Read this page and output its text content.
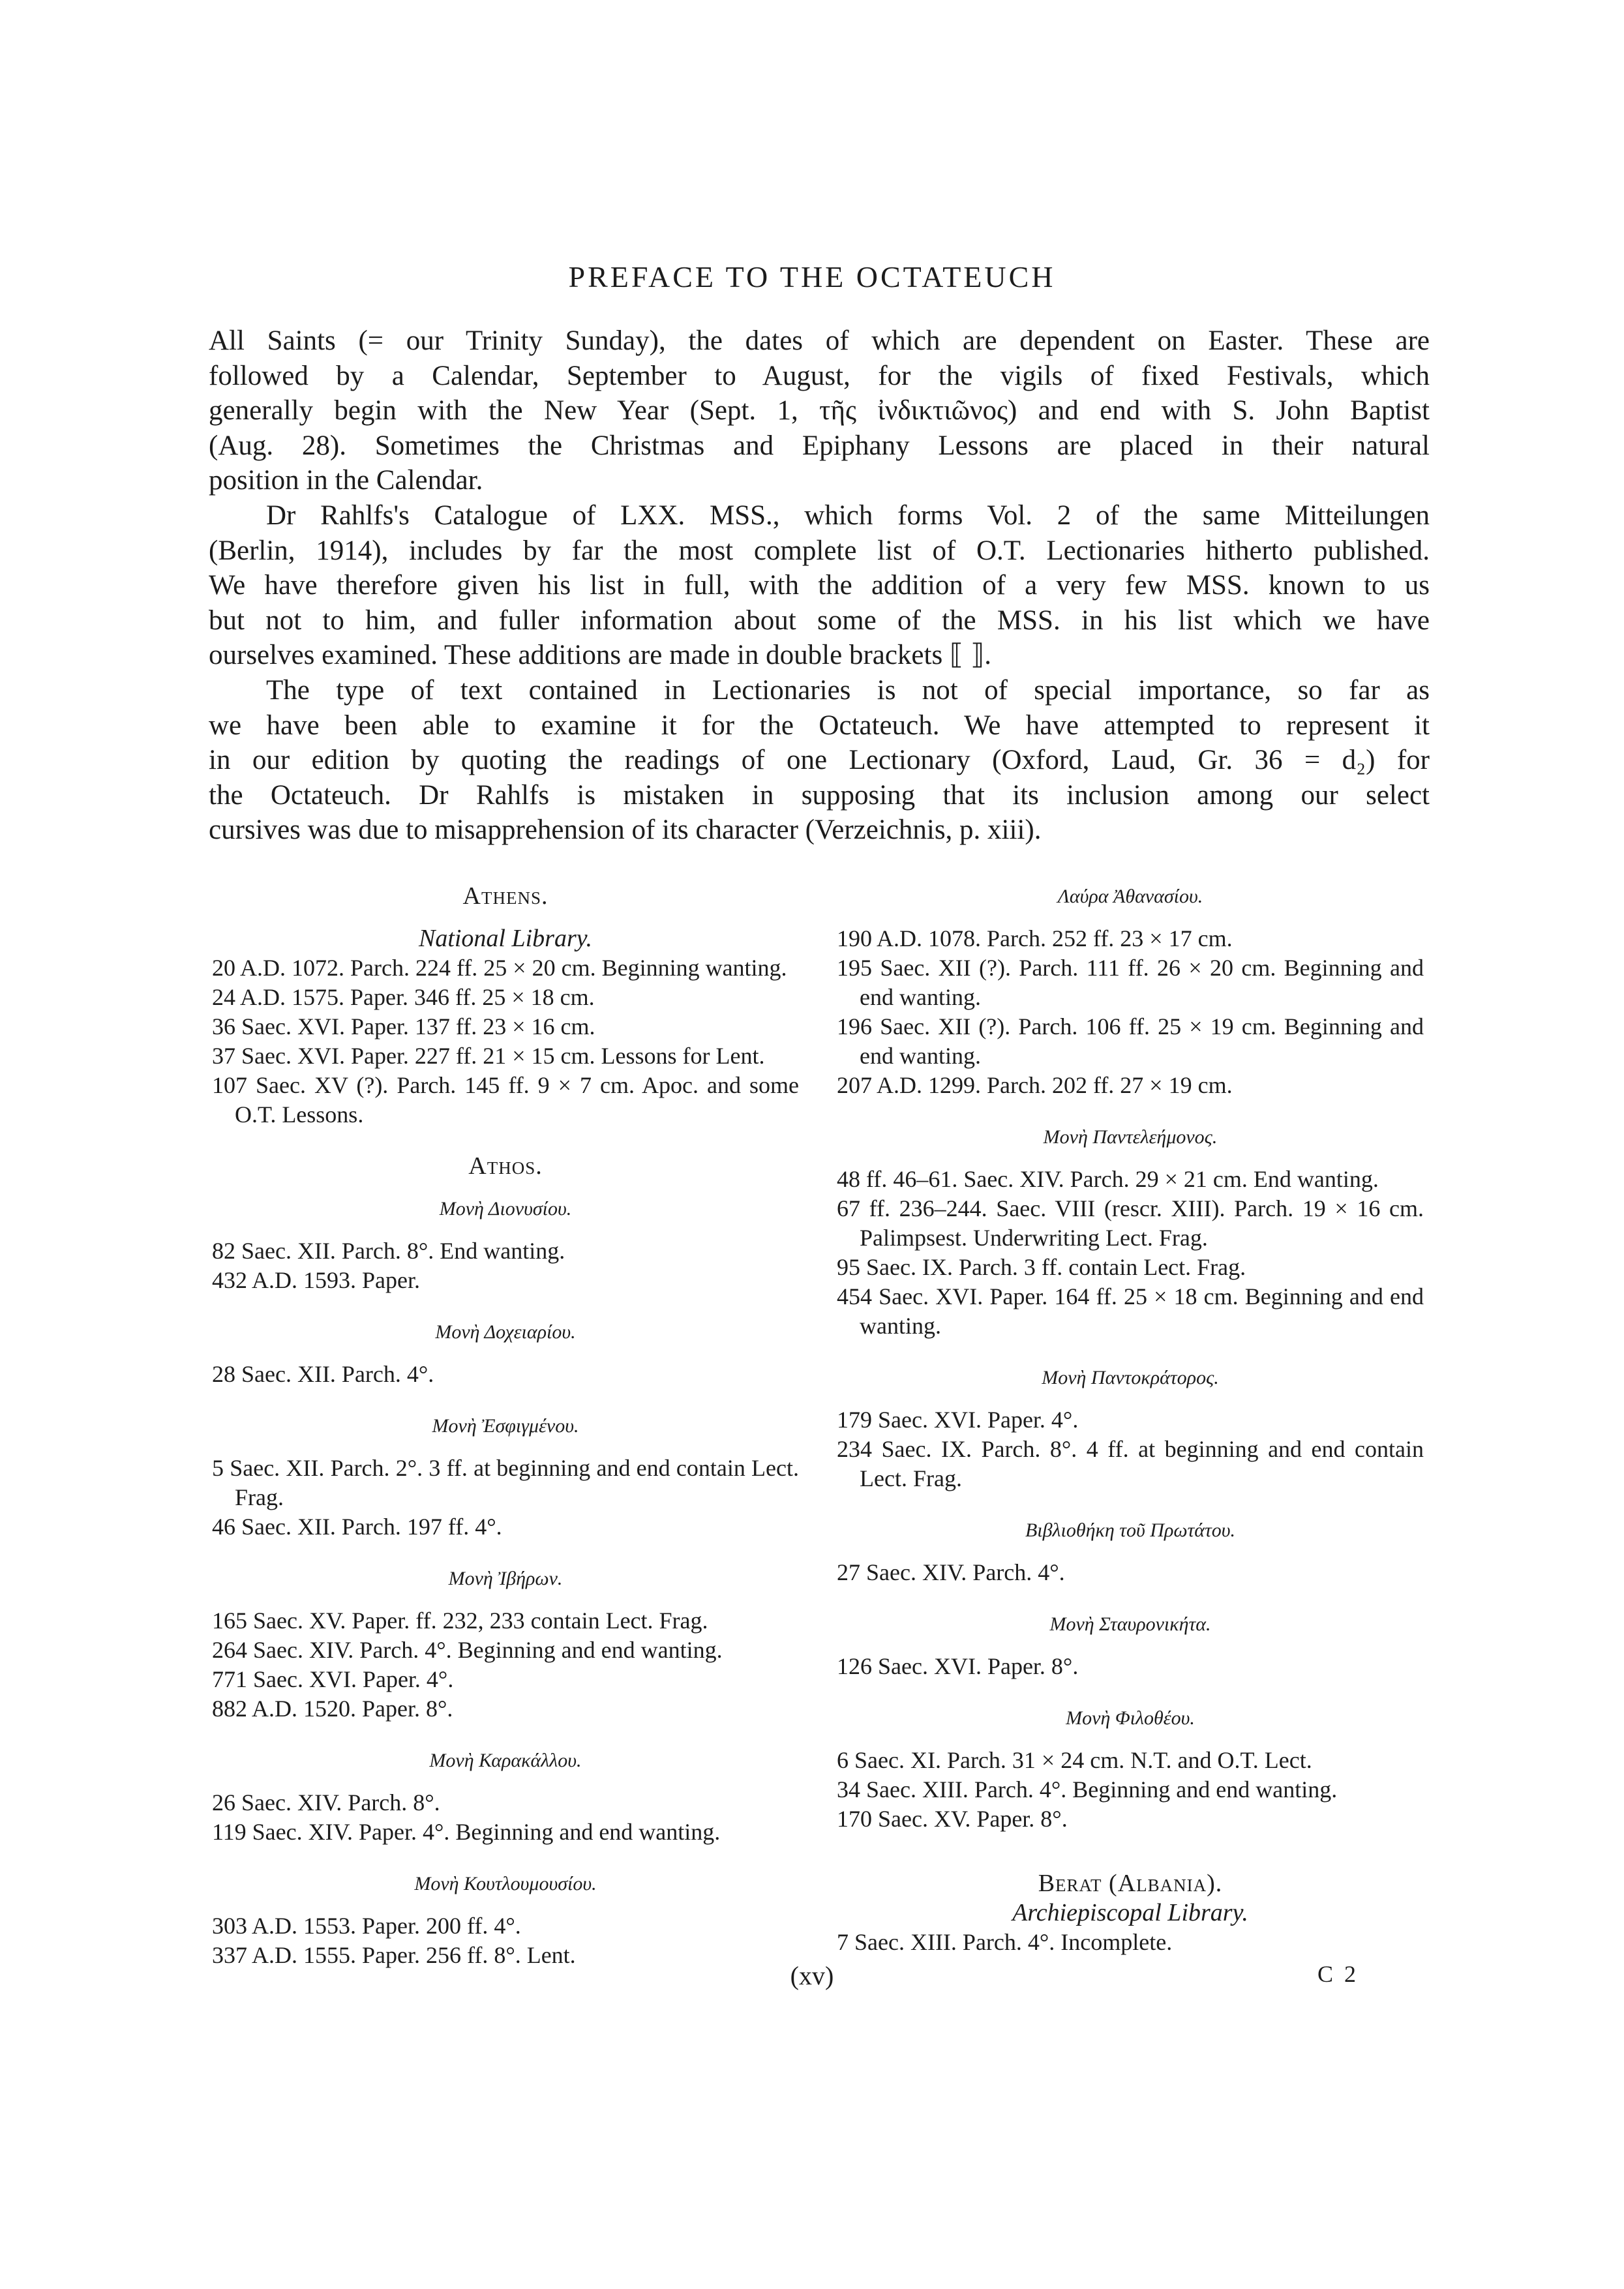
PREFACE TO THE OCTATEUCH

All Saints (= our Trinity Sunday), the dates of which are dependent on Easter. These are
followed by a Calendar, September to August, for the vigils of fixed Festivals, which
generally begin with the New Year (Sept. 1, τῆς ἰνδικτιῶνος) and end with S. John Baptist
(Aug. 28). Sometimes the Christmas and Epiphany Lessons are placed in their natural
position in the Calendar.

Dr Rahlfs's Catalogue of LXX. MSS., which forms Vol. 2 of the same Mitteilungen
(Berlin, 1914), includes by far the most complete list of O.T. Lectionaries hitherto published.
We have therefore given his list in full, with the addition of a very few MSS. known to us
but not to him, and fuller information about some of the MSS. in his list which we have
ourselves examined. These additions are made in double brackets ⟦ ⟧.

The type of text contained in Lectionaries is not of special importance, so far as
we have been able to examine it for the Octateuch. We have attempted to represent it
in our edition by quoting the readings of one Lectionary (Oxford, Laud, Gr. 36 = d₂) for
the Octateuch. Dr Rahlfs is mistaken in supposing that its inclusion among our select
cursives was due to misapprehension of its character (Verzeichnis, p. xiii).

Athens.

National Library.

20 A.D. 1072. Parch. 224 ff. 25 × 20 cm. Beginning wanting.

24 A.D. 1575. Paper. 346 ff. 25 × 18 cm.

36 Saec. XVI. Paper. 137 ff. 23 × 16 cm.

37 Saec. XVI. Paper. 227 ff. 21 × 15 cm. Lessons for Lent.

107 Saec. XV (?). Parch. 145 ff. 9 × 7 cm. Apoc. and some O.T. Lessons.

Athos.

Μονὴ Διονυσίου.

82 Saec. XII. Parch. 8°. End wanting.

432 A.D. 1593. Paper.

Μονὴ Δοχειαρίου.

28 Saec. XII. Parch. 4°.

Μονὴ Ἐσφιγμένου.

5 Saec. XII. Parch. 2°. 3 ff. at beginning and end contain Lect. Frag.

46 Saec. XII. Parch. 197 ff. 4°.

Μονὴ Ἰβήρων.

165 Saec. XV. Paper. ff. 232, 233 contain Lect. Frag.

264 Saec. XIV. Parch. 4°. Beginning and end wanting.

771 Saec. XVI. Paper. 4°.

882 A.D. 1520. Paper. 8°.

Μονὴ Καρακάλλου.

26 Saec. XIV. Parch. 8°.

119 Saec. XIV. Paper. 4°. Beginning and end wanting.

Μονὴ Κουτλουμουσίου.

303 A.D. 1553. Paper. 200 ff. 4°.

337 A.D. 1555. Paper. 256 ff. 8°. Lent.

Λαύρα Ἀθανασίου.

190 A.D. 1078. Parch. 252 ff. 23 × 17 cm.

195 Saec. XII (?). Parch. 111 ff. 26 × 20 cm. Beginning and end wanting.

196 Saec. XII (?). Parch. 106 ff. 25 × 19 cm. Beginning and end wanting.

207 A.D. 1299. Parch. 202 ff. 27 × 19 cm.

Μονὴ Παντελεήμονος.

48 ff. 46–61. Saec. XIV. Parch. 29 × 21 cm. End wanting.

67 ff. 236–244. Saec. VIII (rescr. XIII). Parch. 19 × 16 cm. Palimpsest. Underwriting Lect. Frag.

95 Saec. IX. Parch. 3 ff. contain Lect. Frag.

454 Saec. XVI. Paper. 164 ff. 25 × 18 cm. Beginning and end wanting.

Μονὴ Παντοκράτορος.

179 Saec. XVI. Paper. 4°.

234 Saec. IX. Parch. 8°. 4 ff. at beginning and end contain Lect. Frag.

Βιβλιοθήκη τοῦ Πρωτάτου.

27 Saec. XIV. Parch. 4°.

Μονὴ Σταυρονικήτα.

126 Saec. XVI. Paper. 8°.

Μονὴ Φιλοθέου.

6 Saec. XI. Parch. 31 × 24 cm. N.T. and O.T. Lect.

34 Saec. XIII. Parch. 4°. Beginning and end wanting.

170 Saec. XV. Paper. 8°.

Berat (Albania).

Archiepiscopal Library.

7 Saec. XIII. Parch. 4°. Incomplete.

(xv)	C 2
